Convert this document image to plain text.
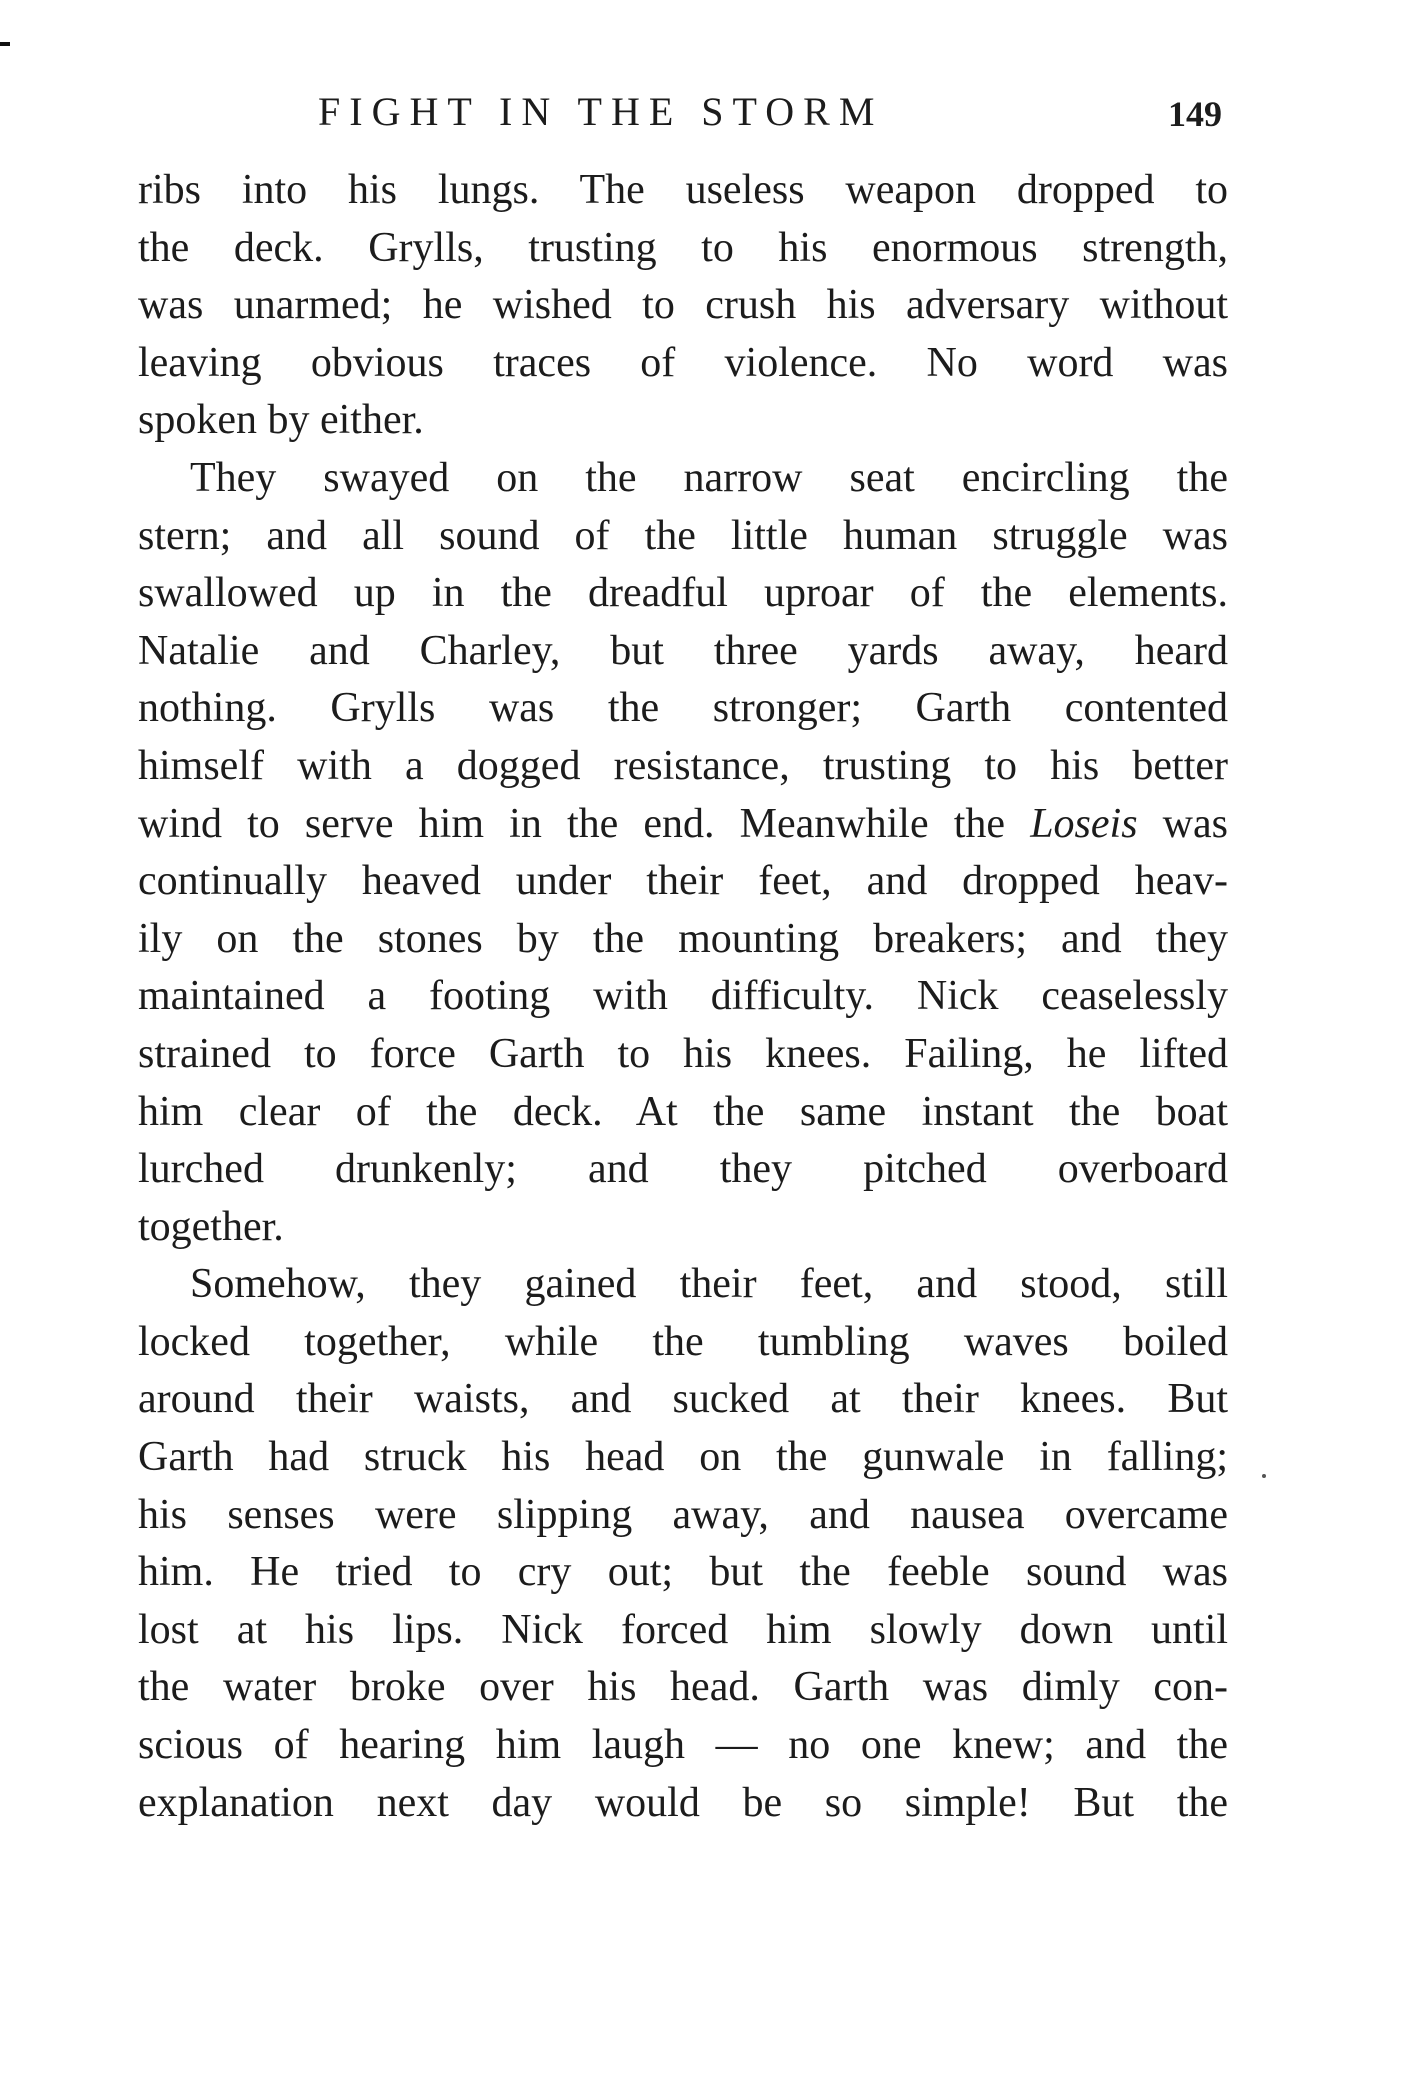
FIGHT IN THE STORM	149
ribs into his lungs. The useless weapon dropped to
the deck. Grylls, trusting to his enormous strength,
was unarmed; he wished to crush his adversary without
leaving obvious traces of violence. No word was
spoken by either.
They swayed on the narrow seat encircling the
stern; and all sound of the little human struggle was
swallowed up in the dreadful uproar of the elements.
Natalie and Charley, but three yards away, heard
nothing. Grylls was the stronger; Garth contented
himself with a dogged resistance, trusting to his better
wind to serve him in the end. Meanwhile the Loseis was
continually heaved under their feet, and dropped heav-
ily on the stones by the mounting breakers; and they
maintained a footing with difficulty. Nick ceaselessly
strained to force Garth to his knees. Failing, he lifted
him clear of the deck. At the same instant the boat
lurched drunkenly; and they pitched overboard
together.
Somehow, they gained their feet, and stood, still
locked together, while the tumbling waves boiled
around their waists, and sucked at their knees. But
Garth had struck his head on the gunwale in falling;
his senses were slipping away, and nausea overcame
him. He tried to cry out; but the feeble sound was
lost at his lips. Nick forced him slowly down until
the water broke over his head. Garth was dimly con-
scious of hearing him laugh — no one knew; and the
explanation next day would be so simple! But the
